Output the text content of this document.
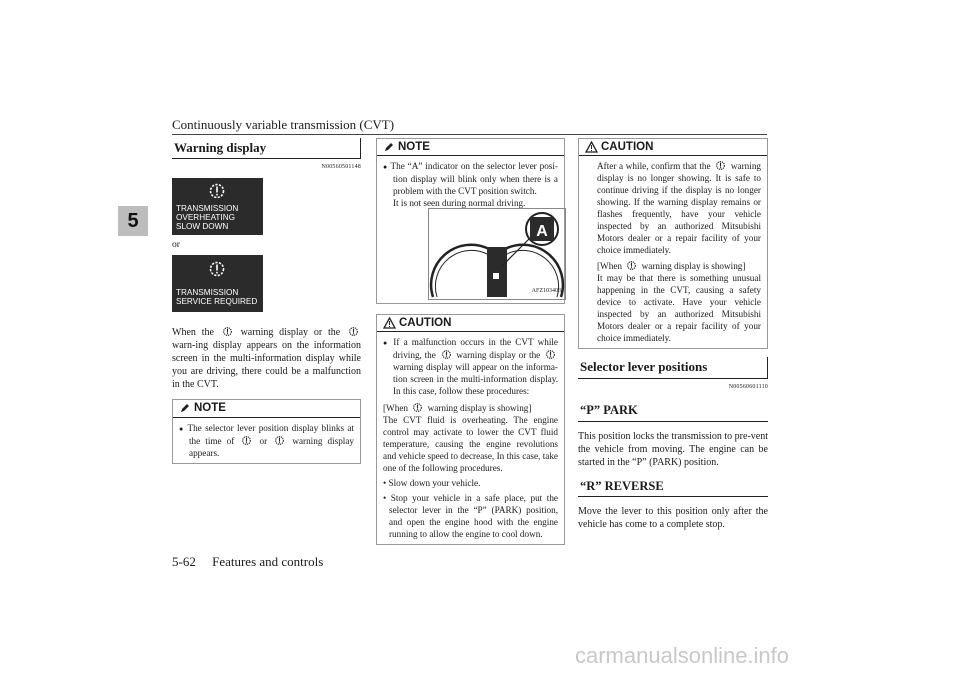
Continuously variable transmission (CVT)
5
5-62 Features and controls
Warning display
N00560501148
TRANSMISSION
OVERHEATING
SLOW DOWN
or
TRANSMISSION
SERVICE REQUIRED
When the	warning display or the
warn-ing display appears on the information screen in the multi-information display while you are driving, there could be a malfunction in the CVT.
NOTE
● The selector lever position display blinks at the time of	or	warning display appears.
NOTE
● The “A” indicator on the selector lever posi-tion display will blink only when there is a problem with the CVT position switch.
It is not seen during normal driving.
A
AFZ103403
CAUTION
● If a malfunction occurs in the CVT while driving, the warning display or the
warning display will appear on the informa-tion screen in the multi-information display. In this case, follow these procedures:
[When warning display is showing]
The CVT fluid is overheating. The engine control may activate to lower the CVT fluid temperature, causing the engine revolutions and vehicle speed to decrease, In this case, take one of the following procedures.
• Slow down your vehicle.
• Stop your vehicle in a safe place, put the selector lever in the “P” (PARK) position, and open the engine hood with the engine running to allow the engine to cool down.
CAUTION
After a while, confirm that the warning display is no longer showing. It is safe to continue driving if the display is no longer showing. If the warning display remains or flashes frequently, have your vehicle inspected by an authorized Mitsubishi Motors dealer or a repair facility of your choice immediately.
[When warning display is showing]
It may be that there is something unusual happening in the CVT, causing a safety device to activate. Have your vehicle inspected by an authorized Mitsubishi Motors dealer or a repair facility of your choice immediately.
Selector lever positions
N00560601110
“P” PARK
This position locks the transmission to pre-vent the vehicle from moving. The engine can be started in the “P” (PARK) position.
“R” REVERSE
Move the lever to this position only after the vehicle has come to a complete stop.
carmanualsonline.info
